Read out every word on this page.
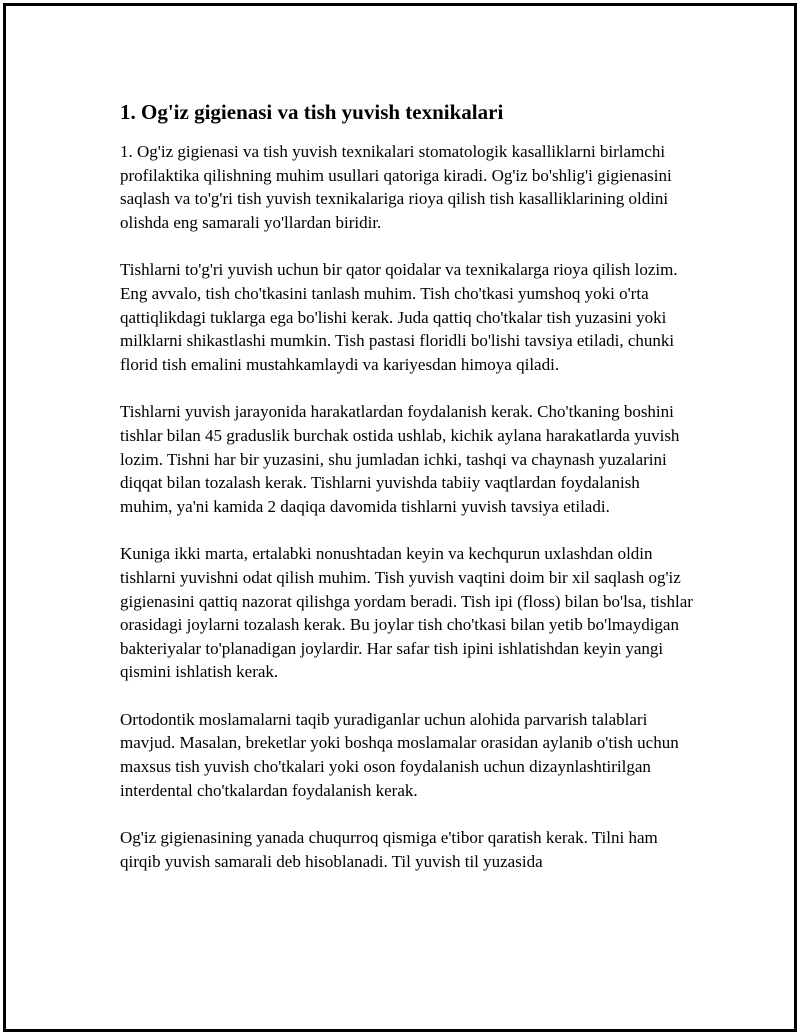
1. Og'iz gigienasi va tish yuvish texnikalari

1. Og'iz gigienasi va tish yuvish texnikalari stomatologik kasalliklarni birlamchi profilaktika qilishning muhim usullari qatoriga kiradi. Og'iz bo'shlig'i gigienasini saqlash va to'g'ri tish yuvish texnikalariga rioya qilish tish kasalliklarining oldini olishda eng samarali yo'llardan biridir.

Tishlarni to'g'ri yuvish uchun bir qator qoidalar va texnikalarga rioya qilish lozim. Eng avvalo, tish cho'tkasini tanlash muhim. Tish cho'tkasi yumshoq yoki o'rta qattiqlikdagi tuklarga ega bo'lishi kerak. Juda qattiq cho'tkalar tish yuzasini yoki milklarni shikastlashi mumkin. Tish pastasi floridli bo'lishi tavsiya etiladi, chunki florid tish emalini mustahkamlaydi va kariyesdan himoya qiladi.

Tishlarni yuvish jarayonida harakatlardan foydalanish kerak. Cho'tkaning boshini tishlar bilan 45 graduslik burchak ostida ushlab, kichik aylana harakatlarda yuvish lozim. Tishni har bir yuzasini, shu jumladan ichki, tashqi va chaynash yuzalarini diqqat bilan tozalash kerak. Tishlarni yuvishda tabiiy vaqtlardan foydalanish muhim, ya'ni kamida 2 daqiqa davomida tishlarni yuvish tavsiya etiladi.

Kuniga ikki marta, ertalabki nonushtadan keyin va kechqurun uxlashdan oldin tishlarni yuvishni odat qilish muhim. Tish yuvish vaqtini doim bir xil saqlash og'iz gigienasini qattiq nazorat qilishga yordam beradi. Tish ipi (floss) bilan bo'lsa, tishlar orasidagi joylarni tozalash kerak. Bu joylar tish cho'tkasi bilan yetib bo'lmaydigan bakteriyalar to'planadigan joylardir. Har safar tish ipini ishlatishdan keyin yangi qismini ishlatish kerak.

Ortodontik moslamalarni taqib yuradiganlar uchun alohida parvarish talablari mavjud. Masalan, breketlar yoki boshqa moslamalar orasidan aylanib o'tish uchun maxsus tish yuvish cho'tkalari yoki oson foydalanish uchun dizaynlashtirilgan interdental cho'tkalardan foydalanish kerak.

Og'iz gigienasining yanada chuqurroq qismiga e'tibor qaratish kerak. Tilni ham qirqib yuvish samarali deb hisoblanadi. Til yuvish til yuzasida
